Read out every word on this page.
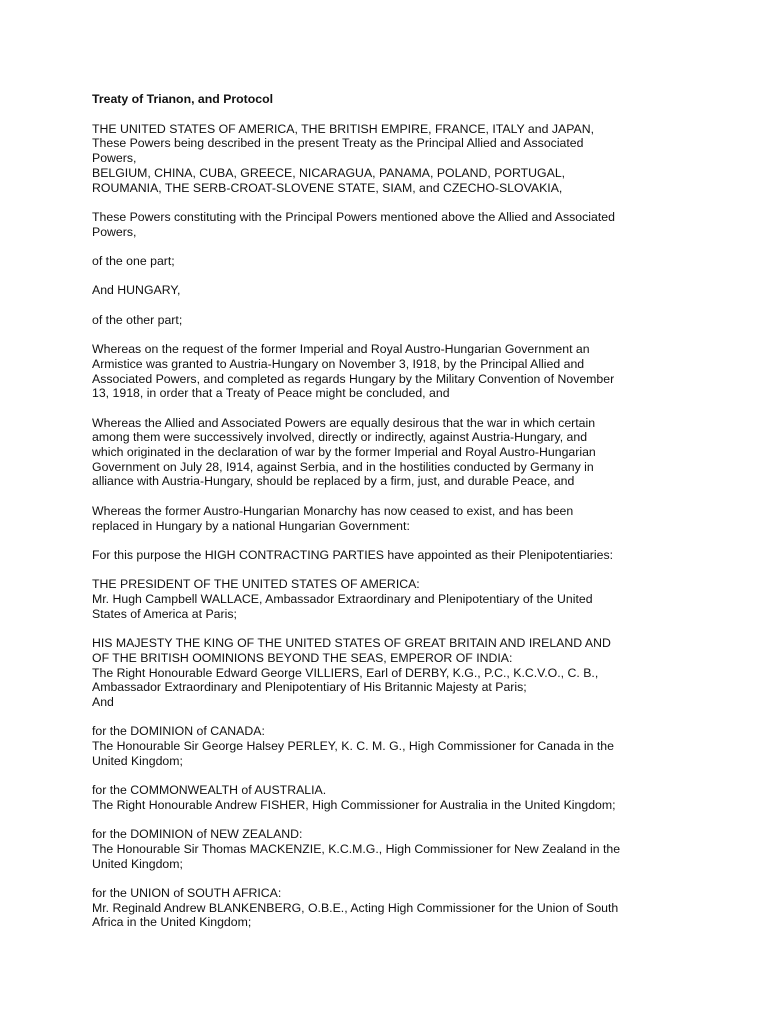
Treaty of Trianon, and Protocol
THE UNITED STATES OF AMERICA, THE BRITISH EMPIRE, FRANCE, ITALY and JAPAN,
These Powers being described in the present Treaty as the Principal Allied and Associated
Powers,
BELGIUM, CHINA, CUBA, GREECE, NICARAGUA, PANAMA, POLAND, PORTUGAL,
ROUMANIA, THE SERB-CROAT-SLOVENE STATE, SIAM, and CZECHO-SLOVAKIA,
These Powers constituting with the Principal Powers mentioned above the Allied and Associated
Powers,
of the one part;
And HUNGARY,
of the other part;
Whereas on the request of the former Imperial and Royal Austro-Hungarian Government an
Armistice was granted to Austria-Hungary on November 3, I918, by the Principal Allied and
Associated Powers, and completed as regards Hungary by the Military Convention of November
13, 1918, in order that a Treaty of Peace might be concluded, and
Whereas the Allied and Associated Powers are equally desirous that the war in which certain
among them were successively involved, directly or indirectly, against Austria-Hungary, and
which originated in the declaration of war by the former Imperial and Royal Austro-Hungarian
Government on July 28, I914, against Serbia, and in the hostilities conducted by Germany in
alliance with Austria-Hungary, should be replaced by a firm, just, and durable Peace, and
Whereas the former Austro-Hungarian Monarchy has now ceased to exist, and has been
replaced in Hungary by a national Hungarian Government:
For this purpose the HIGH CONTRACTING PARTIES have appointed as their Plenipotentiaries:
THE PRESIDENT OF THE UNITED STATES OF AMERICA:
Mr. Hugh Campbell WALLACE, Ambassador Extraordinary and Plenipotentiary of the United
States of America at Paris;
HIS MAJESTY THE KING OF THE UNITED STATES OF GREAT BRITAIN AND IRELAND AND
OF THE BRITISH OOMINIONS BEYOND THE SEAS, EMPEROR OF INDIA:
The Right Honourable Edward George VILLIERS, Earl of DERBY, K.G., P.C., K.C.V.O., C. B.,
Ambassador Extraordinary and Plenipotentiary of His Britannic Majesty at Paris;
And
for the DOMINION of CANADA:
The Honourable Sir George Halsey PERLEY, K. C. M. G., High Commissioner for Canada in the
United Kingdom;
for the COMMONWEALTH of AUSTRALIA.
The Right Honourable Andrew FISHER, High Commissioner for Australia in the United Kingdom;
for the DOMINION of NEW ZEALAND:
The Honourable Sir Thomas MACKENZIE, K.C.M.G., High Commissioner for New Zealand in the
United Kingdom;
for the UNION of SOUTH AFRICA:
Mr. Reginald Andrew BLANKENBERG, O.B.E., Acting High Commissioner for the Union of South
Africa in the United Kingdom;
